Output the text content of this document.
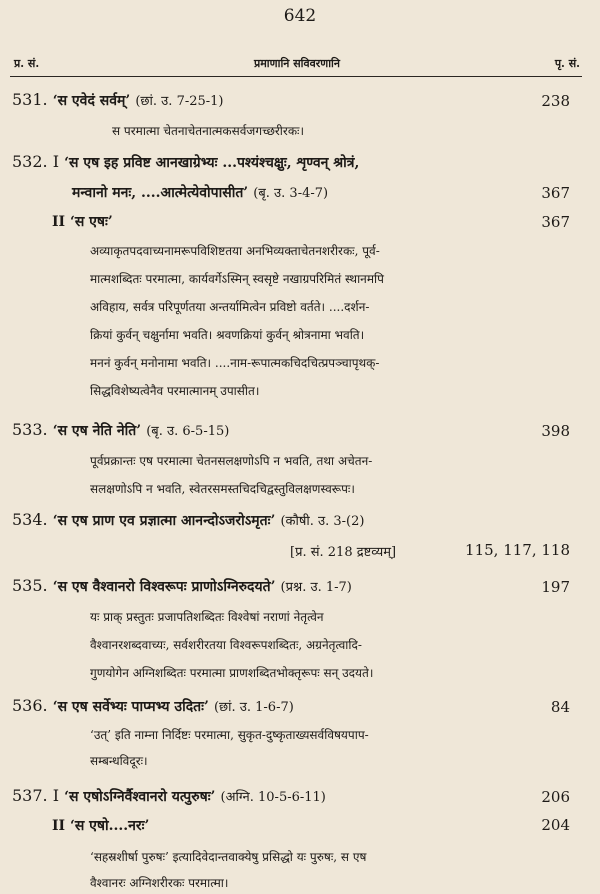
642
प्र. सं.	प्रमाणानि सविवरणानि	पृ. सं.
531. ‘स एवेदं सर्वम्’ (छां. उ. 7-25-1)	238
स परमात्मा चेतनाचेतनात्मकसर्वजगच्छरीरकः।
532. I ‘स एष इह प्रविष्ट आनखाग्रेभ्यः ...पश्यंश्चक्षुः, शृण्वन् श्रोत्रं,
मन्वानो मनः, ....आत्मेत्येवोपासीत’ (बृ. उ. 3-4-7)	367
II ‘स एषः’	367
अव्याकृतपदवाच्यनामरूपविशिष्टतया अनभिव्यक्ताचेतनशरीरकः, पूर्व-
मात्मशब्दितः परमात्मा, कार्यवर्गेऽस्मिन् स्वसृष्टे नखाग्रपरिमितं स्थानमपि
अविहाय, सर्वत्र परिपूर्णतया अन्तर्यामित्वेन प्रविष्टो वर्तते। ....दर्शन-
क्रियां कुर्वन् चक्षुर्नामा भवति। श्रवणक्रियां कुर्वन् श्रोत्रनामा भवति।
मननं कुर्वन् मनोनामा भवति। ....नाम-रूपात्मकचिदचित्प्रपञ्चापृथक्-
सिद्धविशेष्यत्वेनैव परमात्मानम् उपासीत।
533. ‘स एष नेति नेति’ (बृ. उ. 6-5-15)	398
पूर्वप्रक्रान्तः एष परमात्मा चेतनसलक्षणोऽपि न भवति, तथा अचेतन-
सलक्षणोऽपि न भवति, स्वेतरसमस्तचिदचिद्वस्तुविलक्षणस्वरूपः।
534. ‘स एष प्राण एव प्रज्ञात्मा आनन्दोऽजरोऽमृतः’ (कौषी. उ. 3-(2)
[प्र. सं. 218 द्रष्टव्यम्]	115, 117, 118
535. ‘स एष वैश्वानरो विश्वरूपः प्राणोऽग्निरुदयते’ (प्रश्न. उ. 1-7)	197
यः प्राक् प्रस्तुतः प्रजापतिशब्दितः विश्वेषां नराणां नेतृत्वेन
वैश्वानरशब्दवाच्यः, सर्वशरीरतया विश्वरूपशब्दितः, अग्रनेतृत्वादि-
गुणयोगेन अग्निशब्दितः परमात्मा प्राणशब्दितभोक्तृरूपः सन् उदयते।
536. ‘स एष सर्वेभ्यः पाप्मभ्य उदितः’ (छां. उ. 1-6-7)	84
‘उत्’ इति नाम्ना निर्दिष्टः परमात्मा, सुकृत-दुष्कृताख्यसर्वविषयपाप-
सम्बन्धविदूरः।
537. I ‘स एषोऽग्निर्वैश्वानरो यत्पुरुषः’ (अग्नि. 10-5-6-11)	206
II ‘स एषो....नरः’	204
‘सहस्रशीर्षा पुरुषः’ इत्यादिवेदान्तवाक्येषु प्रसिद्धो यः पुरुषः, स एष
वैश्वानरः अग्निशरीरकः परमात्मा।
